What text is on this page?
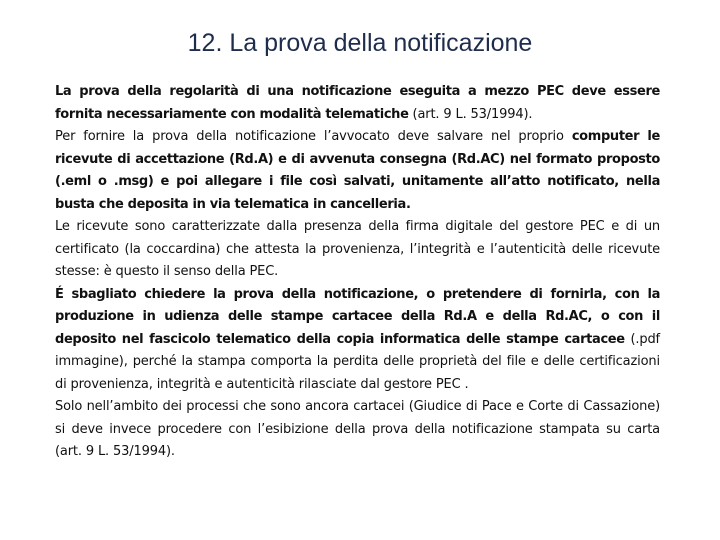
12. La prova della notificazione

La prova della regolarità di una notificazione eseguita a mezzo PEC deve essere fornita necessariamente con modalità telematiche (art. 9 L. 53/1994).

Per fornire la prova della notificazione l’avvocato deve salvare nel proprio computer le ricevute di accettazione (Rd.A) e di avvenuta consegna (Rd.AC) nel formato proposto (.eml o .msg) e poi allegare i file così salvati, unitamente all’atto notificato, nella busta che deposita in via telematica in cancelleria.

Le ricevute sono caratterizzate dalla presenza della firma digitale del gestore PEC e di un certificato (la coccardina) che attesta la provenienza, l’integrità e l’autenticità delle ricevute stesse: è questo il senso della PEC.

É sbagliato chiedere la prova della notificazione, o pretendere di fornirla, con la produzione in udienza delle stampe cartacee della Rd.A e della Rd.AC, o con il deposito nel fascicolo telematico della copia informatica delle stampe cartacee (.pdf immagine), perché la stampa comporta la perdita delle proprietà del file e delle certificazioni di provenienza, integrità e autenticità rilasciate dal gestore PEC .

Solo nell’ambito dei processi che sono ancora cartacei (Giudice di Pace e Corte di Cassazione) si deve invece procedere con l’esibizione della prova della notificazione stampata su carta (art. 9 L. 53/1994).
